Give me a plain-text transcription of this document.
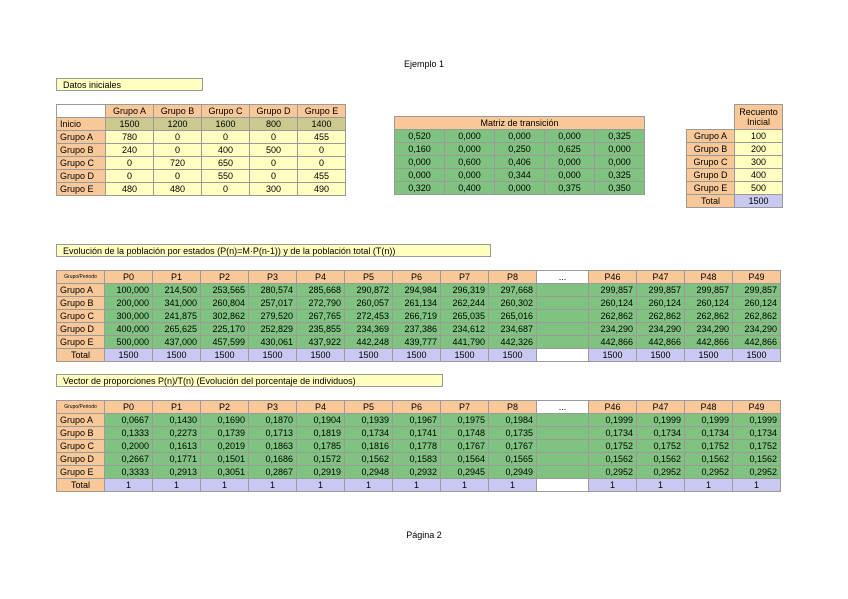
Ejemplo 1
Datos iniciales
	Grupo A	Grupo B	Grupo C	Grupo D	Grupo E
Inicio	1500	1200	1600	800	1400
Grupo A	780	0	0	0	455
Grupo B	240	0	400	500	0
Grupo C	0	720	650	0	0
Grupo D	0	0	550	0	455
Grupo E	480	480	0	300	490
Matriz de transición				
0,520	0,000	0,000	0,000	0,325
0,160	0,000	0,250	0,625	0,000
0,000	0,600	0,406	0,000	0,000
0,000	0,000	0,344	0,000	0,325
0,320	0,400	0,000	0,375	0,350

	Recuento
Inicial

Grupo A	100
Grupo B	200
Grupo C	300
Grupo D	400
Grupo E	500
Total	1500
Evolución de la población por estados (P(n)=M·P(n-1)) y de la población total (T(n))
Grupo/Periodo	P0	P1	P2	P3	P4	P5	P6	P7	P8	...	P46	P47	P48	P49
Grupo A	100,000	214,500	253,565	280,574	285,668	290,872	294,984	296,319	297,668		299,857	299,857	299,857	299,857
Grupo B	200,000	341,000	260,804	257,017	272,790	260,057	261,134	262,244	260,302		260,124	260,124	260,124	260,124
Grupo C	300,000	241,875	302,862	279,520	267,765	272,453	266,719	265,035	265,016		262,862	262,862	262,862	262,862
Grupo D	400,000	265,625	225,170	252,829	235,855	234,369	237,386	234,612	234,687		234,290	234,290	234,290	234,290
Grupo E	500,000	437,000	457,599	430,061	437,922	442,248	439,777	441,790	442,326		442,866	442,866	442,866	442,866
Total	1500	1500	1500	1500	1500	1500	1500	1500	1500		1500	1500	1500	1500
Vector de proporciones P(n)/T(n) (Evolución del porcentaje de individuos)
Grupo/Periodo	P0	P1	P2	P3	P4	P5	P6	P7	P8	...	P46	P47	P48	P49
Grupo A	0,0667	0,1430	0,1690	0,1870	0,1904	0,1939	0,1967	0,1975	0,1984		0,1999	0,1999	0,1999	0,1999
Grupo B	0,1333	0,2273	0,1739	0,1713	0,1819	0,1734	0,1741	0,1748	0,1735		0,1734	0,1734	0,1734	0,1734
Grupo C	0,2000	0,1613	0,2019	0,1863	0,1785	0,1816	0,1778	0,1767	0,1767		0,1752	0,1752	0,1752	0,1752
Grupo D	0,2667	0,1771	0,1501	0,1686	0,1572	0,1562	0,1583	0,1564	0,1565		0,1562	0,1562	0,1562	0,1562
Grupo E	0,3333	0,2913	0,3051	0,2867	0,2919	0,2948	0,2932	0,2945	0,2949		0,2952	0,2952	0,2952	0,2952
Total	1	1	1	1	1	1	1	1	1		1	1	1	1
Página 2
